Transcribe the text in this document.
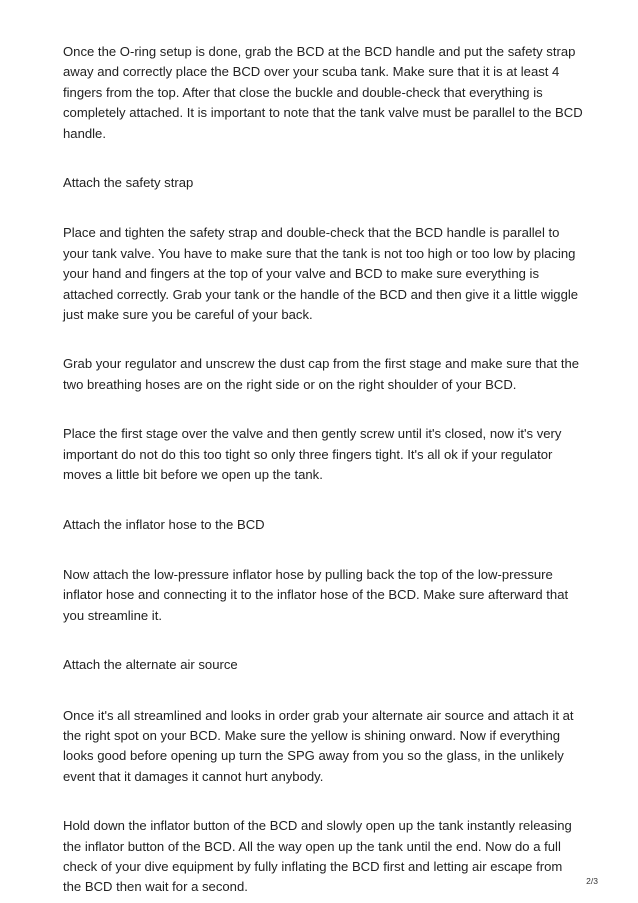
Once the O-ring setup is done, grab the BCD at the BCD handle and put the safety strap away and correctly place the BCD over your scuba tank. Make sure that it is at least 4 fingers from the top. After that close the buckle and double-check that everything is completely attached. It is important to note that the tank valve must be parallel to the BCD handle.

Attach the safety strap

Place and tighten the safety strap and double-check that the BCD handle is parallel to your tank valve. You have to make sure that the tank is not too high or too low by placing your hand and fingers at the top of your valve and BCD to make sure everything is attached correctly. Grab your tank or the handle of the BCD and then give it a little wiggle just make sure you be careful of your back.

Grab your regulator and unscrew the dust cap from the first stage and make sure that the two breathing hoses are on the right side or on the right shoulder of your BCD.

Place the first stage over the valve and then gently screw until it's closed, now it's very important do not do this too tight so only three fingers tight. It's all ok if your regulator moves a little bit before we open up the tank.

Attach the inflator hose to the BCD

Now attach the low-pressure inflator hose by pulling back the top of the low-pressure inflator hose and connecting it to the inflator hose of the BCD. Make sure afterward that you streamline it.

Attach the alternate air source

Once it's all streamlined and looks in order grab your alternate air source and attach it at the right spot on your BCD. Make sure the yellow is shining onward. Now if everything looks good before opening up turn the SPG away from you so the glass, in the unlikely event that it damages it cannot hurt anybody.

Hold down the inflator button of the BCD and slowly open up the tank instantly releasing the inflator button of the BCD. All the way open up the tank until the end. Now do a full check of your dive equipment by fully inflating the BCD first and letting air escape from the BCD then wait for a second.	2/3
